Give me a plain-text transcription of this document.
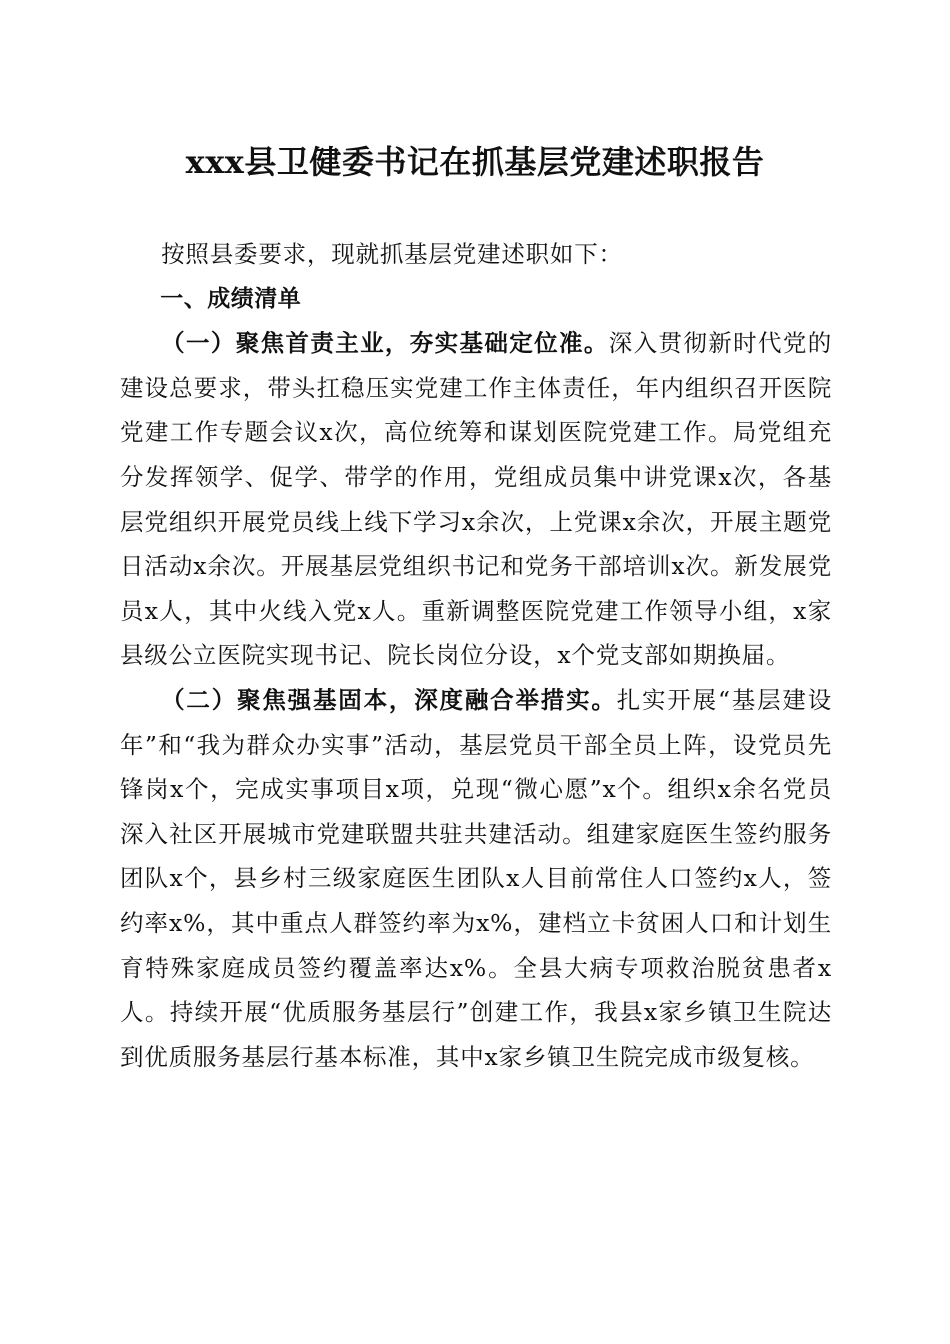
xxx县卫健委书记在抓基层党建述职报告

按照县委要求，现就抓基层党建述职如下：

一、成绩清单

（一）聚焦首责主业，夯实基础定位准。深入贯彻新时代党的建设总要求，带头扛稳压实党建工作主体责任，年内组织召开医院党建工作专题会议x次，高位统筹和谋划医院党建工作。局党组充分发挥领学、促学、带学的作用，党组成员集中讲党课x次，各基层党组织开展党员线上线下学习x余次，上党课x余次，开展主题党日活动x余次。开展基层党组织书记和党务干部培训x次。新发展党员x人，其中火线入党x人。重新调整医院党建工作领导小组，x家县级公立医院实现书记、院长岗位分设，x个党支部如期换届。

（二）聚焦强基固本，深度融合举措实。扎实开展“基层建设年”和“我为群众办实事”活动，基层党员干部全员上阵，设党员先锋岗x个，完成实事项目x项，兑现“微心愿”x个。组织x余名党员深入社区开展城市党建联盟共驻共建活动。组建家庭医生签约服务团队x个，县乡村三级家庭医生团队x人目前常住人口签约x人，签约率x%，其中重点人群签约率为x%，建档立卡贫困人口和计划生育特殊家庭成员签约覆盖率达x%。全县大病专项救治脱贫患者x人。持续开展“优质服务基层行”创建工作，我县x家乡镇卫生院达到优质服务基层行基本标准，其中x家乡镇卫生院完成市级复核。
